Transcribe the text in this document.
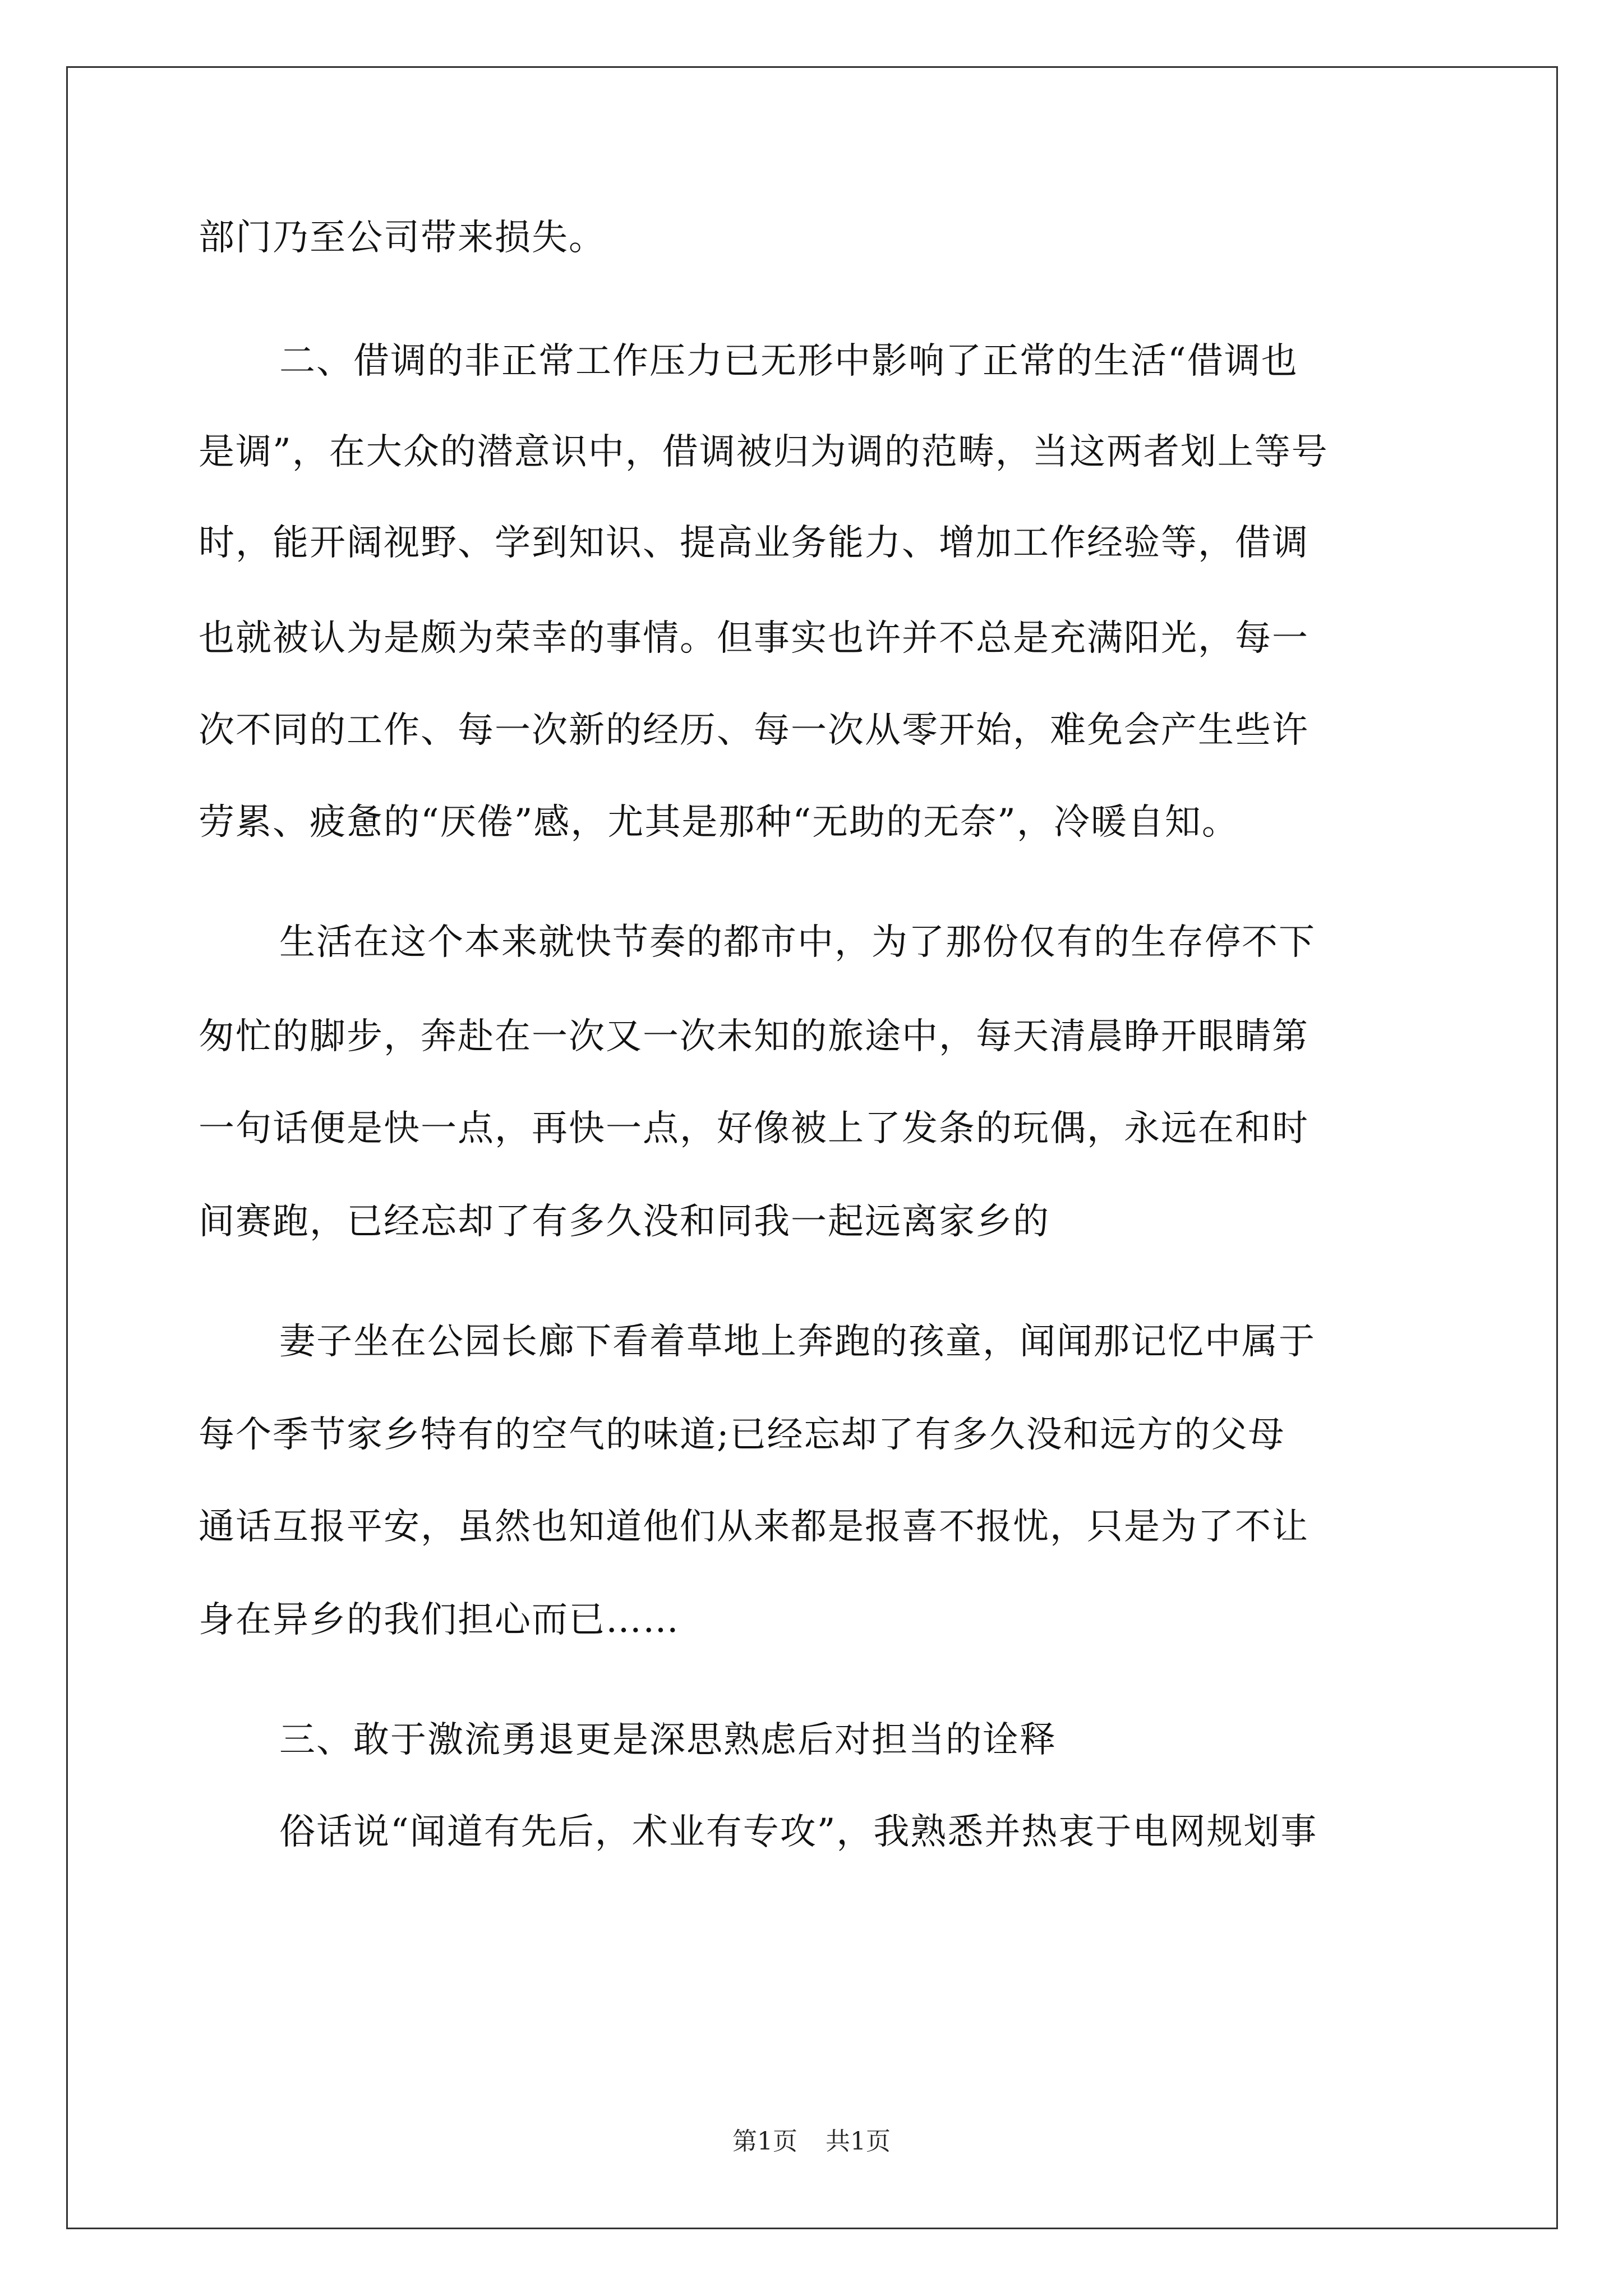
部门乃至公司带来损失。
二、借调的非正常工作压力已无形中影响了正常的生活“借调也
是调”，在大众的潜意识中，借调被归为调的范畴，当这两者划上等号
时，能开阔视野、学到知识、提高业务能力、增加工作经验等，借调
也就被认为是颇为荣幸的事情。但事实也许并不总是充满阳光，每一
次不同的工作、每一次新的经历、每一次从零开始，难免会产生些许
劳累、疲惫的“厌倦”感，尤其是那种“无助的无奈”，冷暖自知。
生活在这个本来就快节奏的都市中，为了那份仅有的生存停不下
匆忙的脚步，奔赴在一次又一次未知的旅途中，每天清晨睁开眼睛第
一句话便是快一点，再快一点，好像被上了发条的玩偶，永远在和时
间赛跑，已经忘却了有多久没和同我一起远离家乡的
妻子坐在公园长廊下看着草地上奔跑的孩童，闻闻那记忆中属于
每个季节家乡特有的空气的味道;已经忘却了有多久没和远方的父母
通话互报平安，虽然也知道他们从来都是报喜不报忧，只是为了不让
身在异乡的我们担心而已……
三、敢于激流勇退更是深思熟虑后对担当的诠释
俗话说“闻道有先后，术业有专攻”，我熟悉并热衷于电网规划事
第1页 共1页
